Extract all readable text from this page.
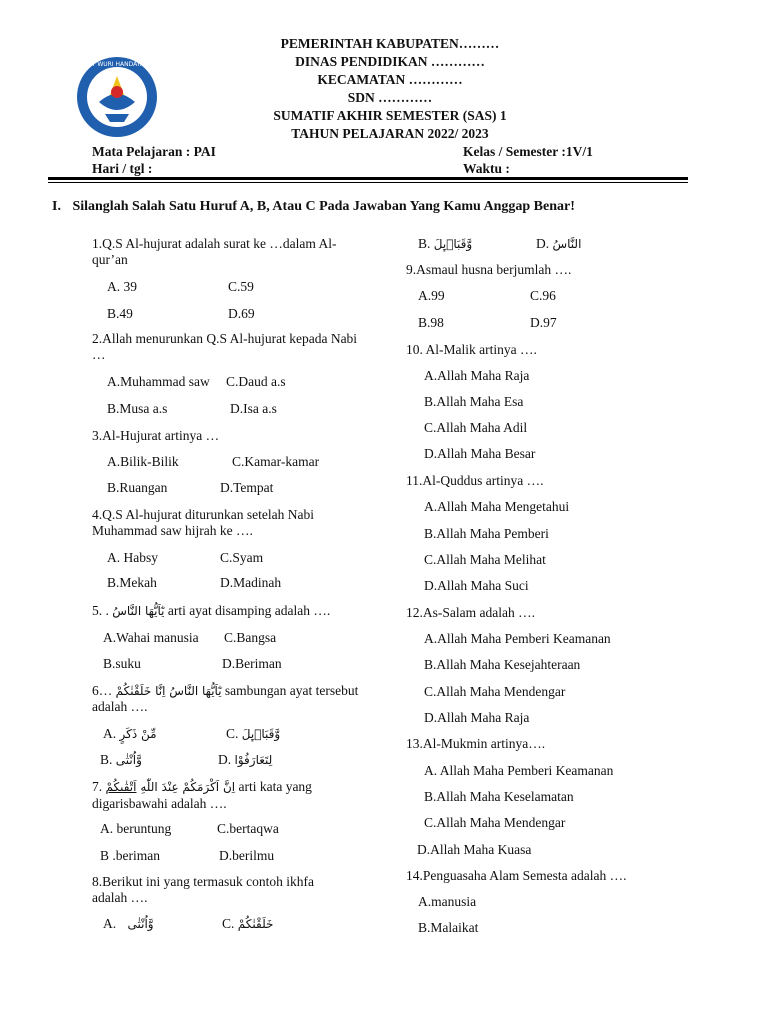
TUT WURI HANDAYANI
PEMERINTAH KABUPATEN………
DINAS PENDIDIKAN …………
KECAMATAN …………
SDN …………
SUMATIF AKHIR SEMESTER (SAS) 1
TAHUN PELAJARAN 2022/ 2023
Mata Pelajaran : PAI	Kelas / Semester :1V/1
Hari / tgl :	Waktu :
I. Silanglah Salah Satu Huruf A, B, Atau C Pada Jawaban Yang Kamu Anggap Benar!
1.Q.S Al-hujurat adalah surat ke …dalam Al-qur’an
A. 39	C.59
B.49	D.69
2.Allah menurunkan Q.S Al-hujurat kepada Nabi …
A.Muhammad saw C.Daud a.s
B.Musa a.s	D.Isa a.s
3.Al-Hujurat artinya …
A.Bilik-Bilik	C.Kamar-kamar
B.Ruangan	D.Tempat
4.Q.S Al-hujurat diturunkan setelah Nabi Muhammad saw hijrah ke ….
A. Habsy	C.Syam
B.Mekah	D.Madinah
5. . يٰٓاَيُّهَا النَّاسُ arti ayat disamping adalah ….
A.Wahai manusia C.Bangsa
B.suku	D.Beriman
6… يٰٓاَيُّهَا النَّاسُ اِنَّا خَلَقْنٰكُمْ sambungan ayat tersebut
adalah ….
A. مِّنْ ذَكَرٍ	C. وَّقَبَاۤىِٕلَ
B. وَّاُنْثٰى	D. لِتَعَارَفُوْا
7.	اِنَّ اَكْرَمَكُمْ عِنْدَ اللّٰهِ اَتْقٰىكُمْ	arti kata yang
digarisbawahi adalah ….
A. beruntung	C.bertaqwa
B .beriman	D.berilmu
8.Berikut ini yang termasuk contoh ikhfa adalah ….
A. وَّاُنْثٰى	C. خَلَقْنٰكُمْ
B. وَّقَبَاۤىِٕلَ	D. النَّاسُ
9.Asmaul husna berjumlah ….
A.99	C.96
B.98	D.97
10. Al-Malik artinya ….
A.Allah Maha Raja
B.Allah Maha Esa
C.Allah Maha Adil
D.Allah Maha Besar
11.Al-Quddus artinya ….
A.Allah Maha Mengetahui
B.Allah Maha Pemberi
C.Allah Maha Melihat
D.Allah Maha Suci
12.As-Salam adalah ….
A.Allah Maha Pemberi Keamanan
B.Allah Maha Kesejahteraan
C.Allah Maha Mendengar
D.Allah Maha Raja
13.Al-Mukmin artinya….
A. Allah Maha Pemberi Keamanan
B.Allah Maha Keselamatan
C.Allah Maha Mendengar
D.Allah Maha Kuasa
14.Penguasaha Alam Semesta adalah ….
A.manusia
B.Malaikat
